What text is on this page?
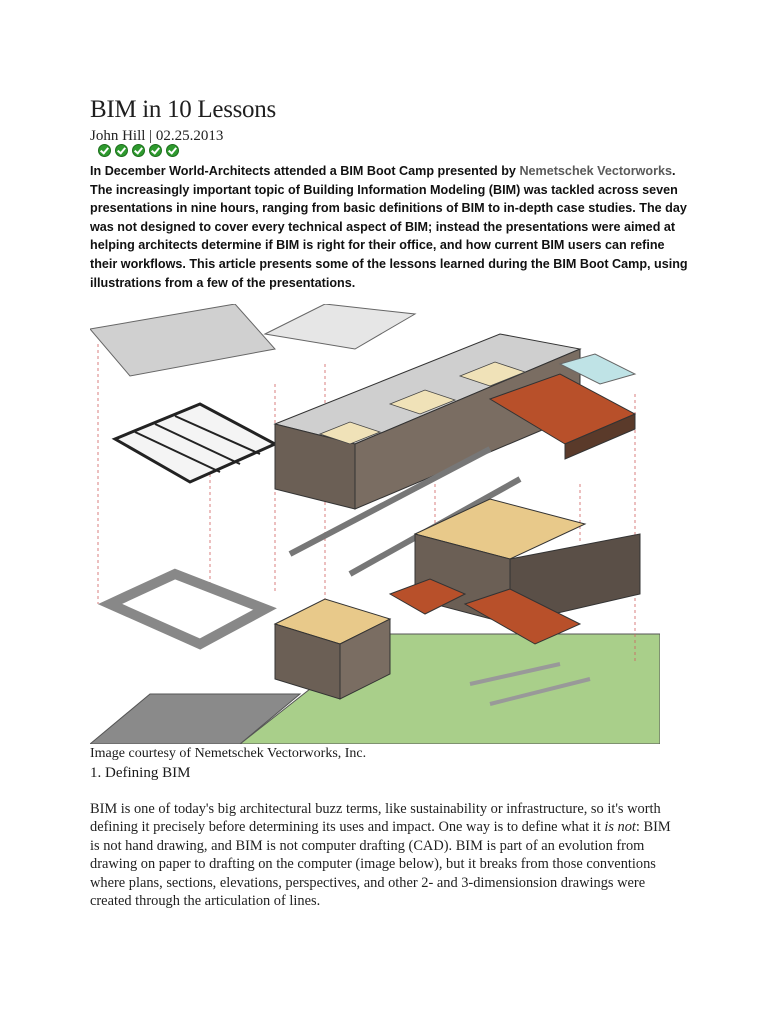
BIM in 10 Lessons
John Hill | 02.25.2013

In December World-Architects attended a BIM Boot Camp presented by Nemetschek Vectorworks. The increasingly important topic of Building Information Modeling (BIM) was tackled across seven presentations in nine hours, ranging from basic definitions of BIM to in-depth case studies. The day was not designed to cover every technical aspect of BIM; instead the presentations were aimed at helping architects determine if BIM is right for their office, and how current BIM users can refine their workflows. This article presents some of the lessons learned during the BIM Boot Camp, using illustrations from a few of the presentations.

Image courtesy of Nemetschek Vectorworks, Inc.
1. Defining BIM

BIM is one of today's big architectural buzz terms, like sustainability or infrastructure, so it's worth defining it precisely before determining its uses and impact. One way is to define what it is not: BIM is not hand drawing, and BIM is not computer drafting (CAD). BIM is part of an evolution from drawing on paper to drafting on the computer (image below), but it breaks from those conventions where plans, sections, elevations, perspectives, and other 2- and 3-dimensionsion drawings were created through the articulation of lines.
